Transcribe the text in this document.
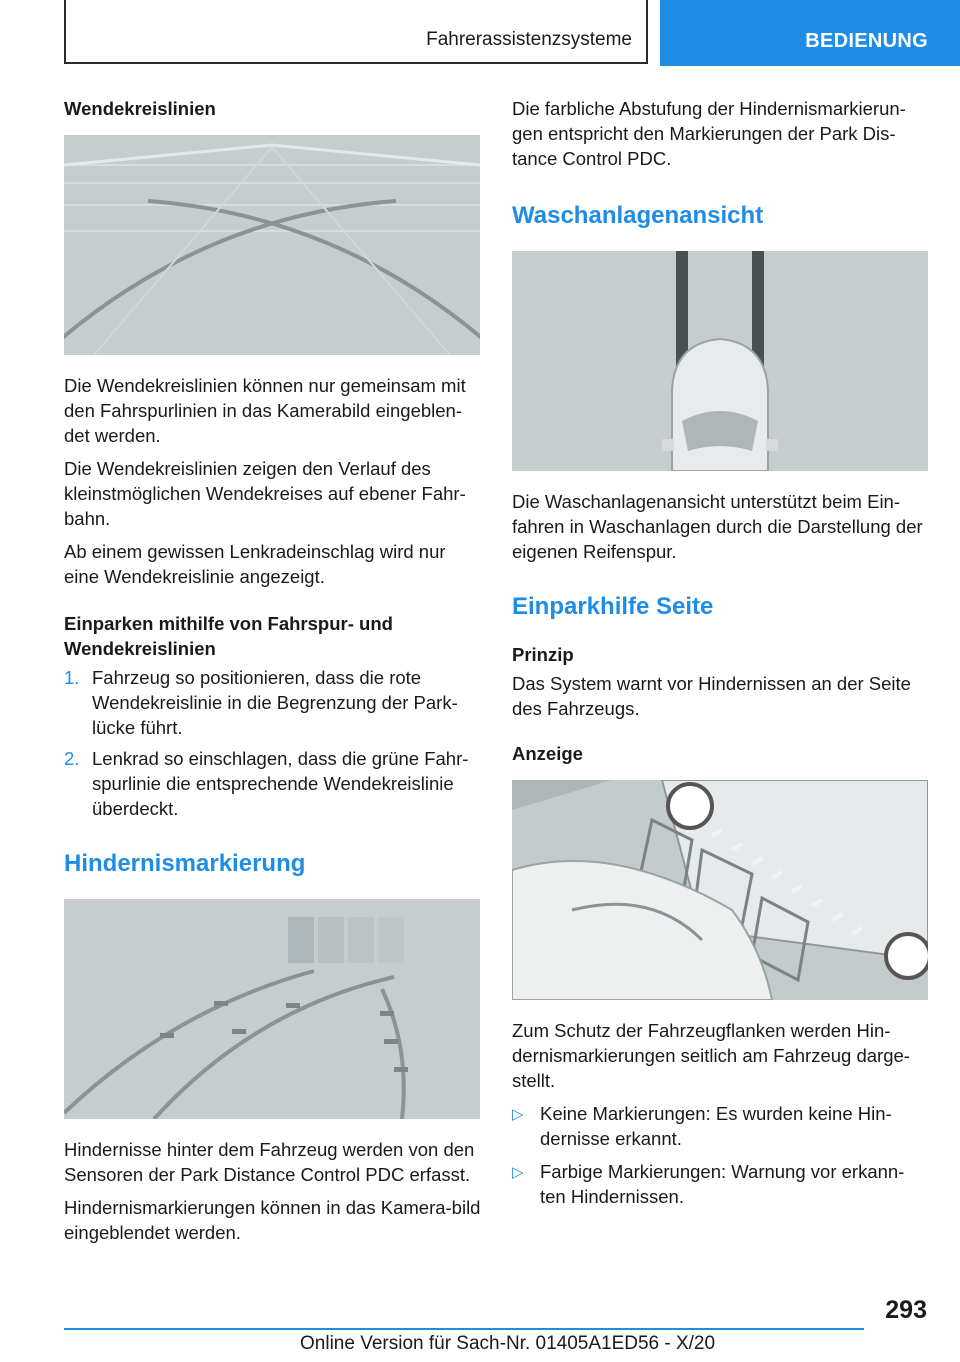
Fahrerassistenzsysteme	BEDIENUNG
Wendekreislinien

Die Wendekreislinien können nur gemeinsam mit den Fahrspurlinien in das Kamerabild eingeblen-det werden.

Die Wendekreislinien zeigen den Verlauf des kleinstmöglichen Wendekreises auf ebener Fahr-bahn.

Ab einem gewissen Lenkradeinschlag wird nur eine Wendekreislinie angezeigt.

Einparken mithilfe von Fahrspur- und Wendekreislinien
1. Fahrzeug so positionieren, dass die rote Wendekreislinie in die Begrenzung der Park-lücke führt.
2. Lenkrad so einschlagen, dass die grüne Fahr-spurlinie die entsprechende Wendekreislinie überdeckt.
Hindernismarkierung

Hindernisse hinter dem Fahrzeug werden von den Sensoren der Park Distance Control PDC erfasst.

Hindernismarkierungen können in das Kamera-bild eingeblendet werden.

Die farbliche Abstufung der Hindernismarkierun-gen entspricht den Markierungen der Park Dis-tance Control PDC.

Waschanlagenansicht

Die Waschanlagenansicht unterstützt beim Ein-fahren in Waschanlagen durch die Darstellung der eigenen Reifenspur.

Einparkhilfe Seite
Prinzip

Das System warnt vor Hindernissen an der Seite des Fahrzeugs.

Anzeige

Zum Schutz der Fahrzeugflanken werden Hin-dernismarkierungen seitlich am Fahrzeug darge-stellt.

▷ Keine Markierungen: Es wurden keine Hin-dernisse erkannt.
▷ Farbige Markierungen: Warnung vor erkann-ten Hindernissen.
293
Online Version für Sach-Nr. 01405A1ED56 - X/20
